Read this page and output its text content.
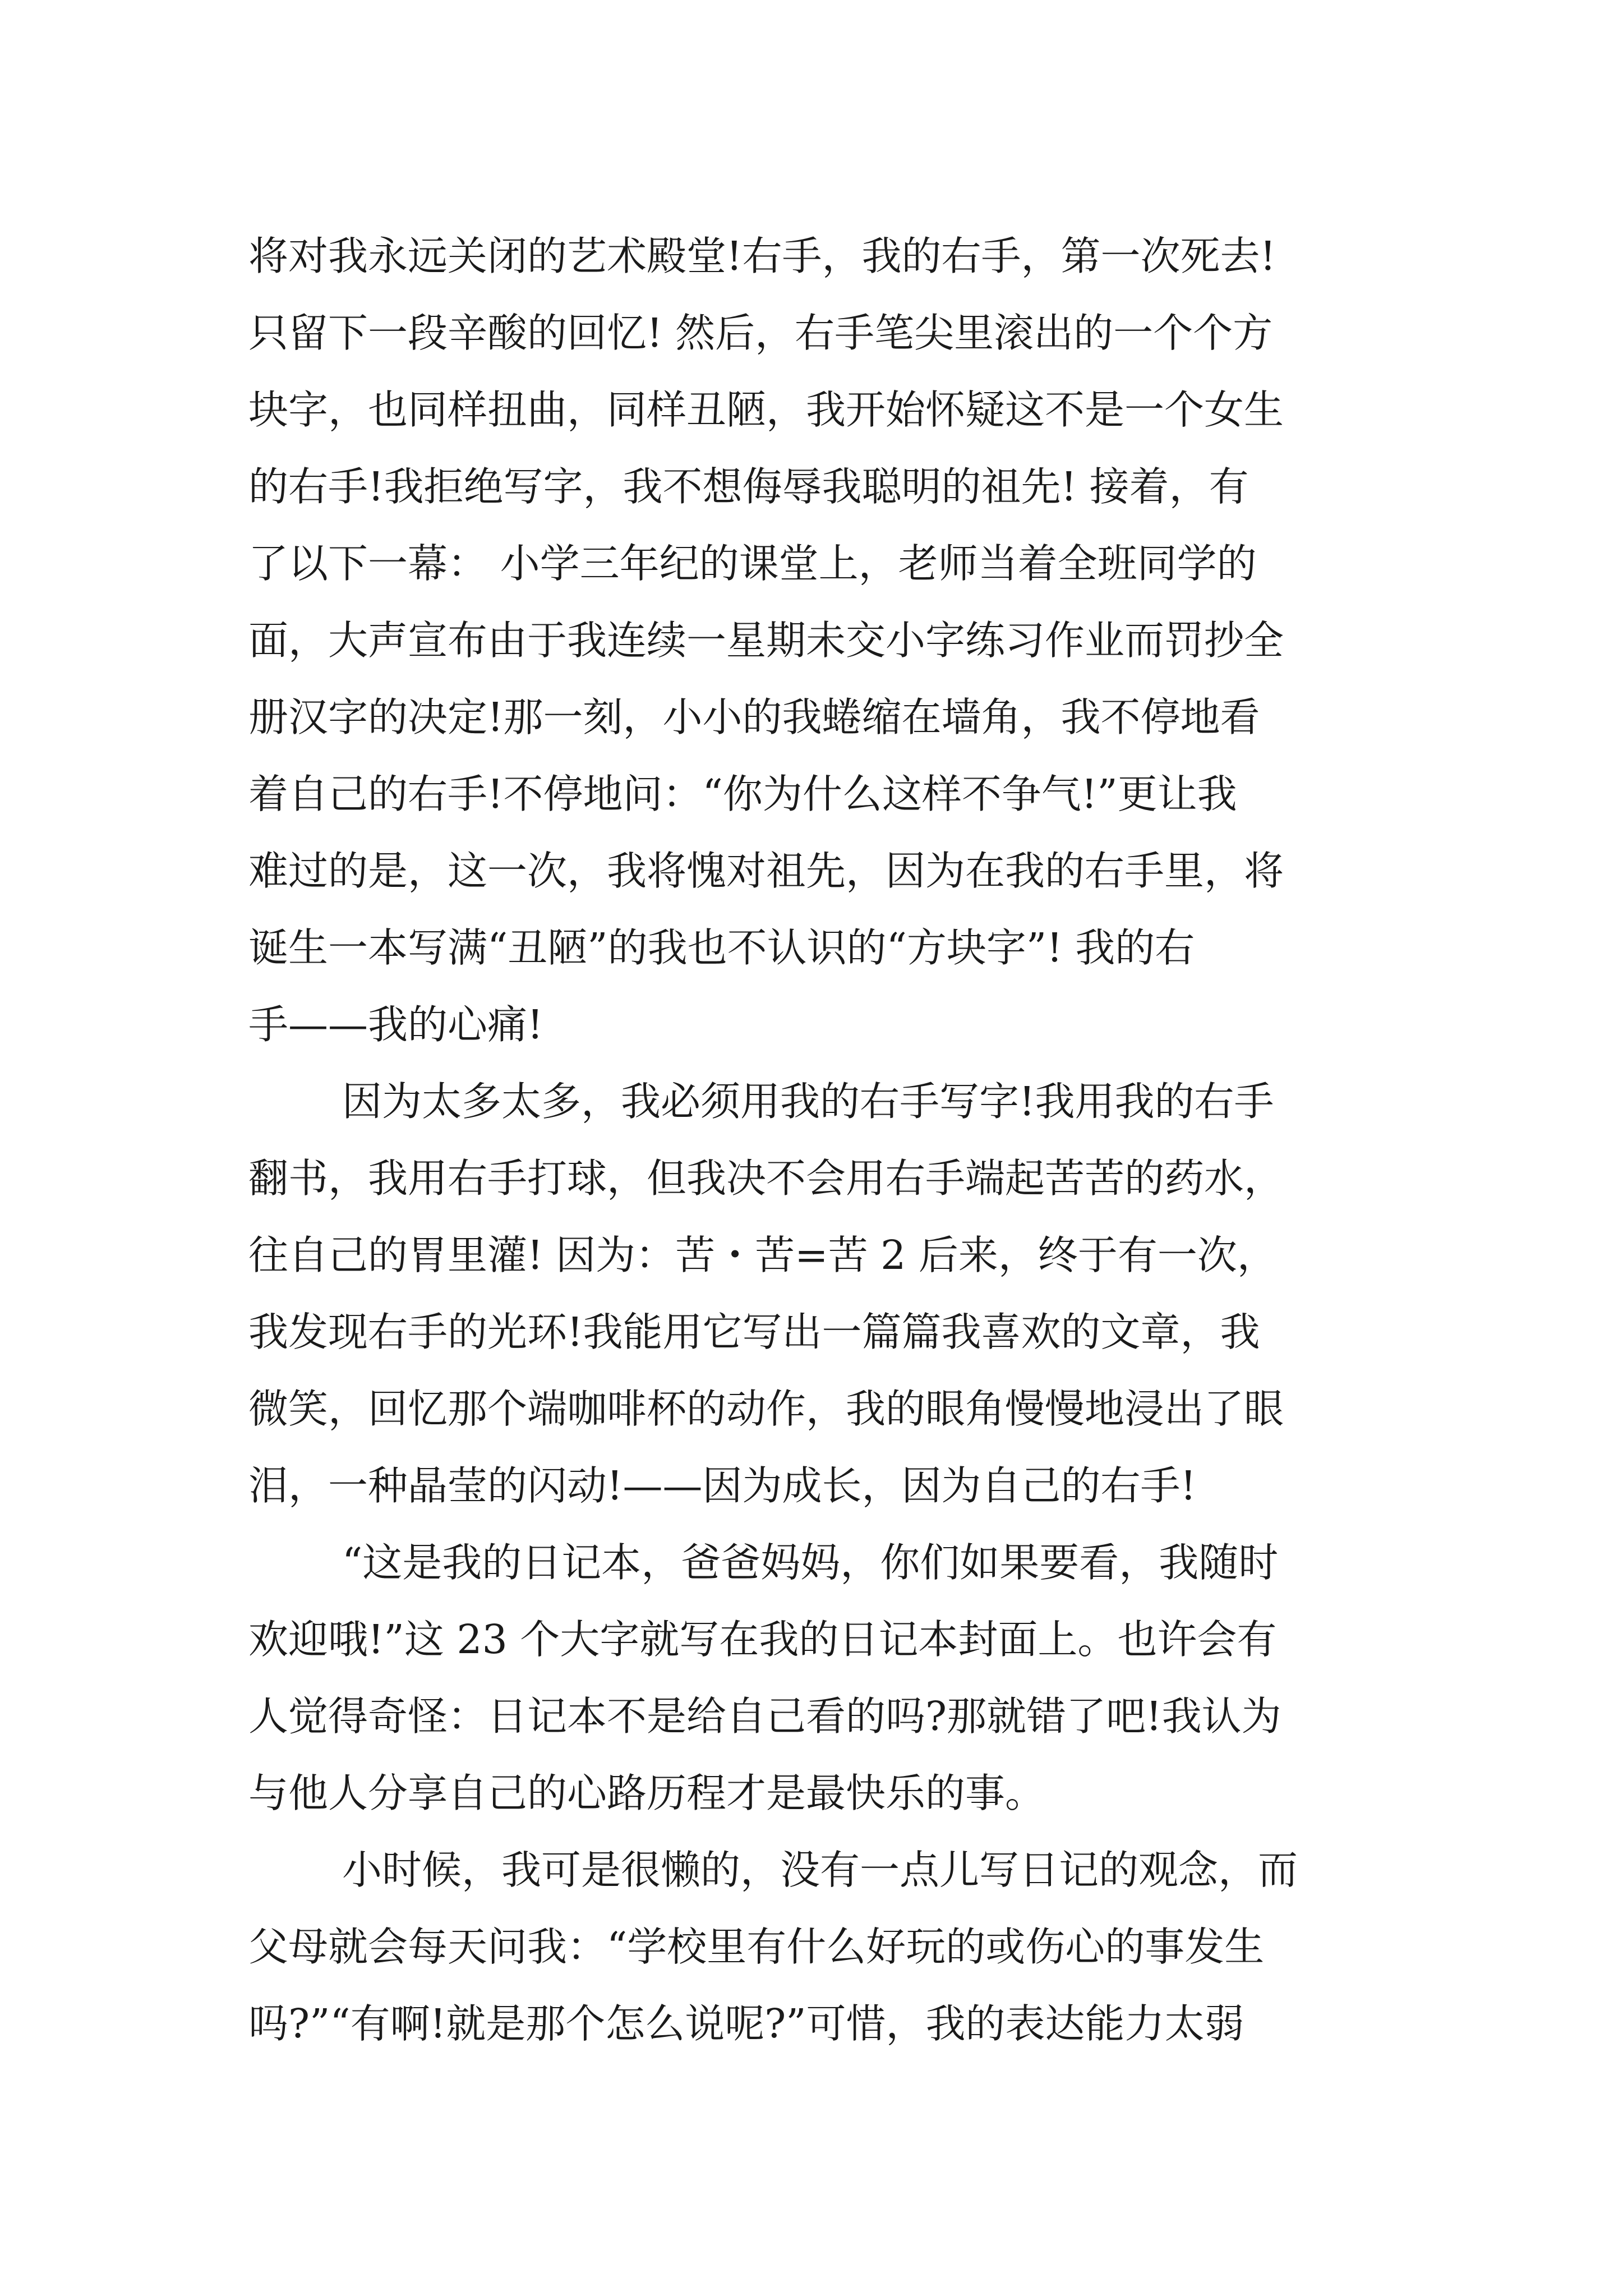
将对我永远关闭的艺术殿堂!右手，我的右手，第一次死去!
只留下一段辛酸的回忆! 然后，右手笔尖里滚出的一个个方
块字，也同样扭曲，同样丑陋，我开始怀疑这不是一个女生
的右手!我拒绝写字，我不想侮辱我聪明的祖先! 接着，有
了以下一幕： 小学三年纪的课堂上，老师当着全班同学的
面，大声宣布由于我连续一星期未交小字练习作业而罚抄全
册汉字的决定!那一刻，小小的我蜷缩在墙角，我不停地看
着自己的右手!不停地问：“你为什么这样不争气!”更让我
难过的是，这一次，我将愧对祖先，因为在我的右手里，将
诞生一本写满“丑陋”的我也不认识的“方块字”! 我的右
手——我的心痛!
因为太多太多，我必须用我的右手写字!我用我的右手
翻书，我用右手打球，但我决不会用右手端起苦苦的药水，
往自己的胃里灌! 因为：苦・苦=苦 2 后来，终于有一次，
我发现右手的光环!我能用它写出一篇篇我喜欢的文章，我
微笑，回忆那个端咖啡杯的动作，我的眼角慢慢地浸出了眼
泪，一种晶莹的闪动!——因为成长，因为自己的右手!
“这是我的日记本，爸爸妈妈，你们如果要看，我随时
欢迎哦!”这 23 个大字就写在我的日记本封面上。也许会有
人觉得奇怪：日记本不是给自己看的吗?那就错了吧!我认为
与他人分享自己的心路历程才是最快乐的事。
小时候，我可是很懒的，没有一点儿写日记的观念，而
父母就会每天问我：“学校里有什么好玩的或伤心的事发生
吗?”“有啊!就是那个怎么说呢?”可惜，我的表达能力太弱
